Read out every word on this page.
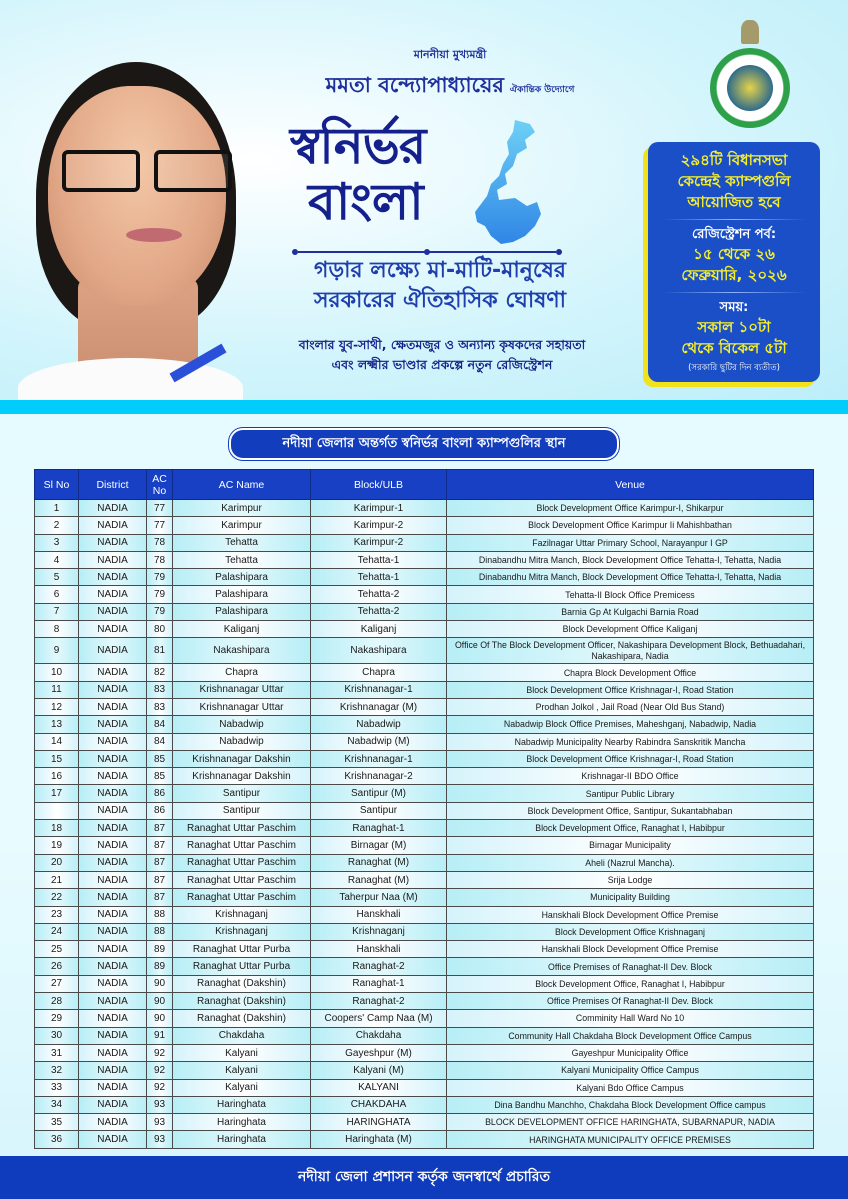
মাননীয়া মুখ্যমন্ত্রী
মমতা বন্দ্যোপাধ্যায়ের ঐকান্তিক উদ্যোগে
স্বনির্ভর
বাংলা
গড়ার লক্ষ্যে মা-মাটি-মানুষের
সরকারের ঐতিহাসিক ঘোষণা
বাংলার যুব-সাথী, ক্ষেতমজুর ও অন্যান্য কৃষকদের সহায়তা
এবং লক্ষ্মীর ভাণ্ডার প্রকল্পে নতুন রেজিস্ট্রেশন
২৯৪টি বিধানসভা
কেন্দ্রেই ক্যাম্পগুলি
আয়োজিত হবে
রেজিস্ট্রেশন পর্ব:
১৫ থেকে ২৬
ফেব্রুয়ারি, ২০২৬
সময়:
সকাল ১০টা
থেকে বিকেল ৫টা
(সরকারি ছুটির দিন ব্যতীত)
নদীয়া জেলার অন্তর্গত স্বনির্ভর বাংলা ক্যাম্পগুলির স্থান
Sl No	District	AC
No	AC Name	Block/ULB	Venue
1	NADIA	77	Karimpur	Karimpur-1	Block Development Office Karimpur-I, Shikarpur
2	NADIA	77	Karimpur	Karimpur-2	Block Development Office Karimpur Ii Mahishbathan
3	NADIA	78	Tehatta	Karimpur-2	Fazilnagar Uttar Primary School, Narayanpur I GP
4	NADIA	78	Tehatta	Tehatta-1	Dinabandhu Mitra Manch, Block Development Office Tehatta-I, Tehatta, Nadia
5	NADIA	79	Palashipara	Tehatta-1	Dinabandhu Mitra Manch, Block Development Office Tehatta-I, Tehatta, Nadia
6	NADIA	79	Palashipara	Tehatta-2	Tehatta-II Block Office Premicess
7	NADIA	79	Palashipara	Tehatta-2	Barnia Gp At Kulgachi Barnia Road
8	NADIA	80	Kaliganj	Kaliganj	Block Development Office Kaliganj
9	NADIA	81	Nakashipara	Nakashipara	Office Of The Block Development Officer, Nakashipara Development Block, Bethuadahari, Nakashipara, Nadia
10	NADIA	82	Chapra	Chapra	Chapra Block Development Office
11	NADIA	83	Krishnanagar Uttar	Krishnanagar-1	Block Development Office Krishnagar-I, Road Station
12	NADIA	83	Krishnanagar Uttar	Krishnanagar (M)	Prodhan Jolkol , Jail Road (Near Old Bus Stand)
13	NADIA	84	Nabadwip	Nabadwip	Nabadwip Block Office Premises, Maheshganj, Nabadwip, Nadia
14	NADIA	84	Nabadwip	Nabadwip (M)	Nabadwip Municipality Nearby Rabindra Sanskritik Mancha
15	NADIA	85	Krishnanagar Dakshin	Krishnanagar-1	Block Development Office Krishnagar-I, Road Station
16	NADIA	85	Krishnanagar Dakshin	Krishnanagar-2	Krishnagar-II BDO Office
17	NADIA	86	Santipur	Santipur (M)	Santipur Public Library
	NADIA	86	Santipur	Santipur	Block Development Office, Santipur, Sukantabhaban
18	NADIA	87	Ranaghat Uttar Paschim	Ranaghat-1	Block Development Office, Ranaghat I, Habibpur
19	NADIA	87	Ranaghat Uttar Paschim	Birnagar (M)	Birnagar Municipality
20	NADIA	87	Ranaghat Uttar Paschim	Ranaghat (M)	Aheli (Nazrul Mancha).
21	NADIA	87	Ranaghat Uttar Paschim	Ranaghat (M)	Srija Lodge
22	NADIA	87	Ranaghat Uttar Paschim	Taherpur Naa (M)	Municipality Building
23	NADIA	88	Krishnaganj	Hanskhali	Hanskhali Block Development Office Premise
24	NADIA	88	Krishnaganj	Krishnaganj	Block Development Office Krishnaganj
25	NADIA	89	Ranaghat Uttar Purba	Hanskhali	Hanskhali Block Development Office Premise
26	NADIA	89	Ranaghat Uttar Purba	Ranaghat-2	Office Premises of Ranaghat-II Dev. Block
27	NADIA	90	Ranaghat (Dakshin)	Ranaghat-1	Block Development Office, Ranaghat I, Habibpur
28	NADIA	90	Ranaghat (Dakshin)	Ranaghat-2	Office Premises Of Ranaghat-II Dev. Block
29	NADIA	90	Ranaghat (Dakshin)	Coopers' Camp Naa (M)	Comminity Hall Ward No 10
30	NADIA	91	Chakdaha	Chakdaha	Community Hall Chakdaha Block Development Office Campus
31	NADIA	92	Kalyani	Gayeshpur (M)	Gayeshpur Municipality Office
32	NADIA	92	Kalyani	Kalyani (M)	Kalyani Municipality Office Campus
33	NADIA	92	Kalyani	KALYANI	Kalyani Bdo Office Campus
34	NADIA	93	Haringhata	CHAKDAHA	Dina Bandhu Manchho, Chakdaha Block Development Office campus
35	NADIA	93	Haringhata	HARINGHATA	BLOCK DEVELOPMENT OFFICE HARINGHATA, SUBARNAPUR, NADIA
36	NADIA	93	Haringhata	Haringhata (M)	HARINGHATA MUNICIPALITY OFFICE PREMISES
নদীয়া জেলা প্রশাসন কর্তৃক জনস্বার্থে প্রচারিত
